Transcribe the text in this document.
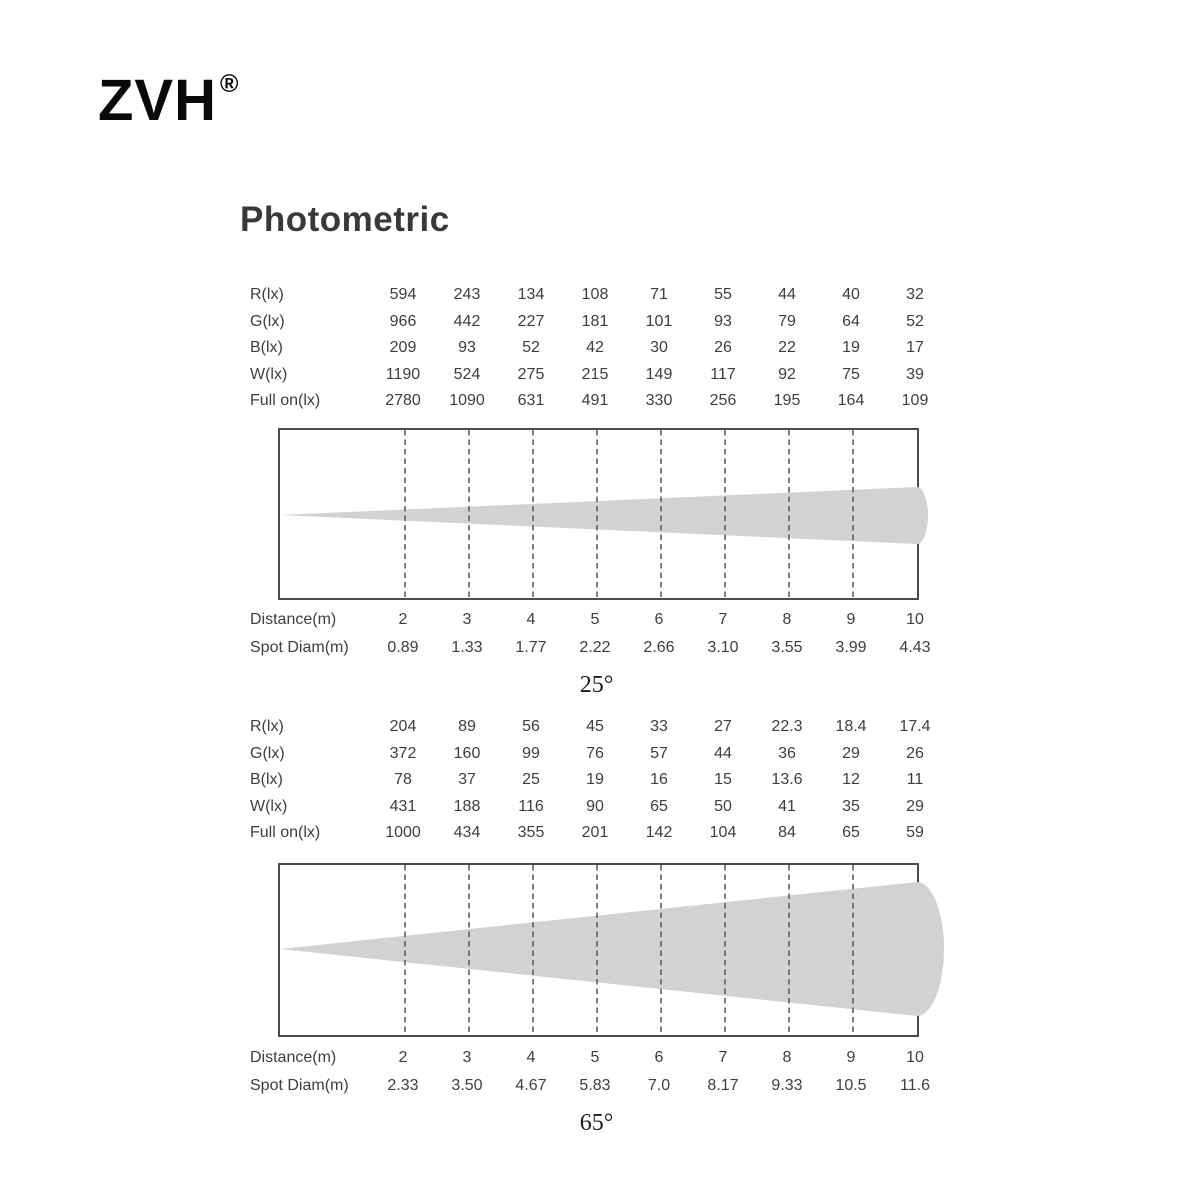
ZVH ®
Photometric
R(lx)	594	243	134	108	71	55	44	40	32
G(lx)	966	442	227	181	101	93	79	64	52
B(lx)	209	93	52	42	30	26	22	19	17
W(lx)	1190	524	275	215	149	117	92	75	39
Full on(lx)	2780	1090	631	491	330	256	195	164	109
Distance(m)	2	3	4	5	6	7	8	9	10
Spot Diam(m)	0.89	1.33	1.77	2.22	2.66	3.10	3.55	3.99	4.43
25°
R(lx)	204	89	56	45	33	27	22.3	18.4	17.4
G(lx)	372	160	99	76	57	44	36	29	26
B(lx)	78	37	25	19	16	15	13.6	12	11
W(lx)	431	188	116	90	65	50	41	35	29
Full on(lx)	1000	434	355	201	142	104	84	65	59
Distance(m)	2	3	4	5	6	7	8	9	10
Spot Diam(m)	2.33	3.50	4.67	5.83	7.0	8.17	9.33	10.5	11.6
65°
